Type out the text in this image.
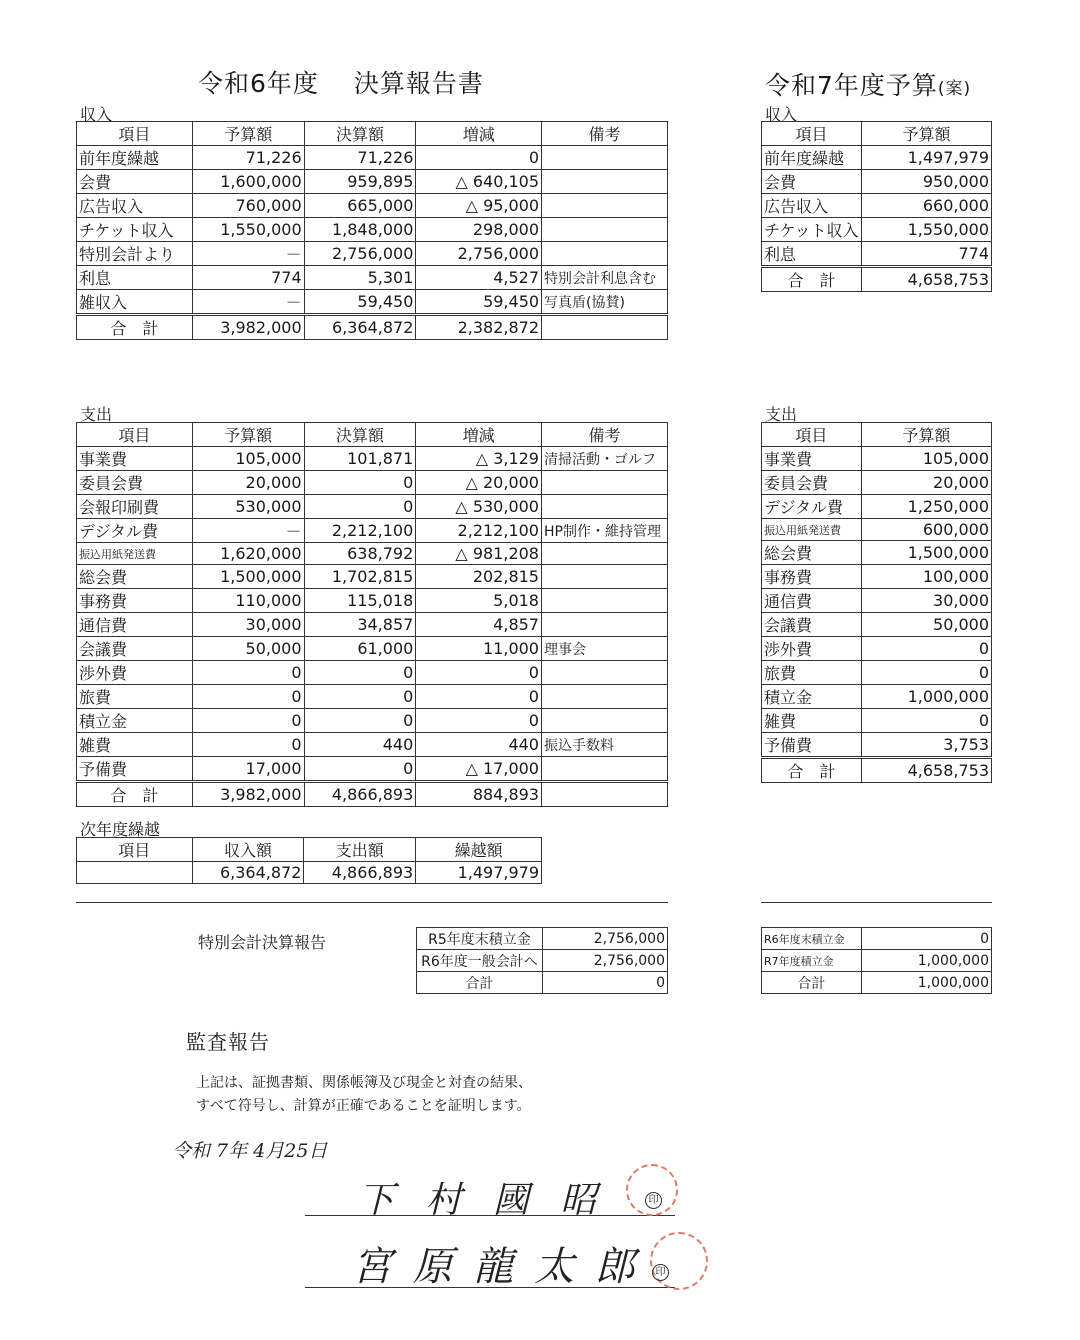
令和6年度　 決算報告書	令和7年度予算(案)
収入	収入
支出	支出
次年度繰越
項目	予算額	決算額	増減	備考
前年度繰越	71,226	71,226	0	
会費	1,600,000	959,895	△ 640,105	
広告収入	760,000	665,000	△ 95,000	
チケット収入	1,550,000	1,848,000	298,000	
特別会計より	－	2,756,000	2,756,000	
利息	774	5,301	4,527	特別会計利息含む
雑収入	－	59,450	59,450	写真盾(協賛)
合　計	3,982,000	6,364,872	2,382,872	
項目	予算額
前年度繰越	1,497,979
会費	950,000
広告収入	660,000
チケット収入	1,550,000
利息	774
合　計	4,658,753
項目	予算額	決算額	増減	備考
事業費	105,000	101,871	△ 3,129	清掃活動・ゴルフ
委員会費	20,000	0	△ 20,000	
会報印刷費	530,000	0	△ 530,000	
デジタル費	－	2,212,100	2,212,100	HP制作・維持管理
振込用紙発送費	1,620,000	638,792	△ 981,208	
総会費	1,500,000	1,702,815	202,815	
事務費	110,000	115,018	5,018	
通信費	30,000	34,857	4,857	
会議費	50,000	61,000	11,000	理事会
渉外費	0	0	0	
旅費	0	0	0	
積立金	0	0	0	
雑費	0	440	440	振込手数料
予備費	17,000	0	△ 17,000	
合　計	3,982,000	4,866,893	884,893	
項目	予算額
事業費	105,000
委員会費	20,000
デジタル費	1,250,000
振込用紙発送費	600,000
総会費	1,500,000
事務費	100,000
通信費	30,000
会議費	50,000
渉外費	0
旅費	0
積立金	1,000,000
雑費	0
予備費	3,753
合　計	4,658,753
項目	収入額	支出額	繰越額
	6,364,872	4,866,893	1,497,979
特別会計決算報告	R5年度末積立金	2,756,000
R6年度一般会計へ	2,756,000
合計	0
R6年度末積立金	0
R7年度積立金	1,000,000
合計	1,000,000
監査報告
上記は、証拠書類、関係帳簿及び現金と対査の結果、
すべて符号し、計算が正確であることを証明します。
令和 7年 4月25日
下 村 國 昭	印
宮 原 龍 太 郎	印
